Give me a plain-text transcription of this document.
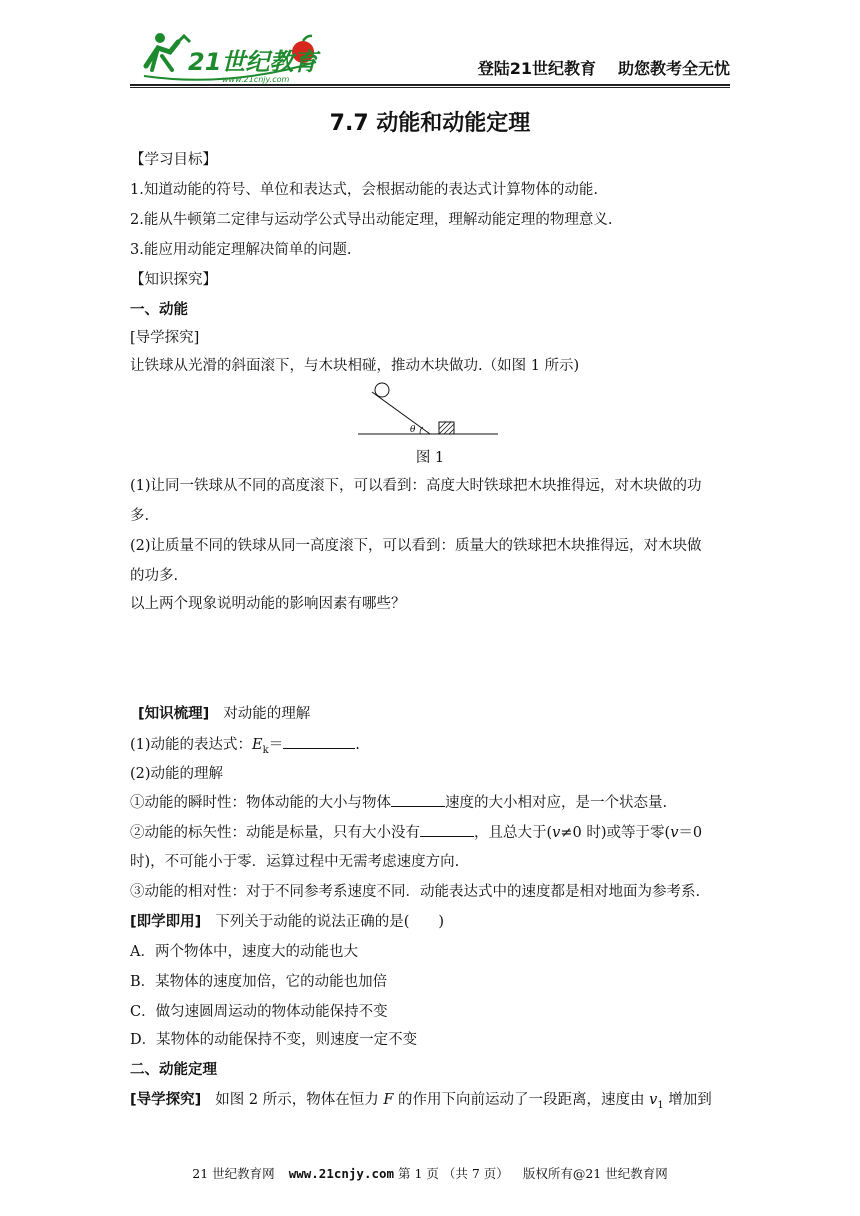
21世纪教育
www.21cnjy.com
登陆21世纪教育 助您教考全无忧
7.7 动能和动能定理
【学习目标】
1.知道动能的符号、单位和表达式，会根据动能的表达式计算物体的动能.
2.能从牛顿第二定律与运动学公式导出动能定理，理解动能定理的物理意义.
3.能应用动能定理解决简单的问题.
【知识探究】
一、动能
[导学探究]
让铁球从光滑的斜面滚下，与木块相碰，推动木块做功.（如图 1 所示)
θ
图 1
(1)让同一铁球从不同的高度滚下，可以看到：高度大时铁球把木块推得远，对木块做的功
多.
(2)让质量不同的铁球从同一高度滚下，可以看到：质量大的铁球把木块推得远，对木块做
的功多.
以上两个现象说明动能的影响因素有哪些？
[知识梳理] 对动能的理解
(1)动能的表达式：$E_k=$	.
(2)动能的理解
①动能的瞬时性：物体动能的大小与物体	速度的大小相对应，是一个状态量.
②动能的标矢性：动能是标量，只有大小没有	，且总大于(v≠0 时)或等于零(v＝0
时)，不可能小于零．运算过程中无需考虑速度方向.
③动能的相对性：对于不同参考系速度不同．动能表达式中的速度都是相对地面为参考系.
[即学即用] 下列关于动能的说法正确的是(　　)
A．两个物体中，速度大的动能也大
B．某物体的速度加倍，它的动能也加倍
C．做匀速圆周运动的物体动能保持不变
D．某物体的动能保持不变，则速度一定不变
二、动能定理
[导学探究] 如图 2 所示，物体在恒力 F 的作用下向前运动了一段距离，速度由 $v_1$ 增加到
21 世纪教育网 www.21cnjy.com 第 1 页 （共 7 页） 版权所有@21 世纪教育网
